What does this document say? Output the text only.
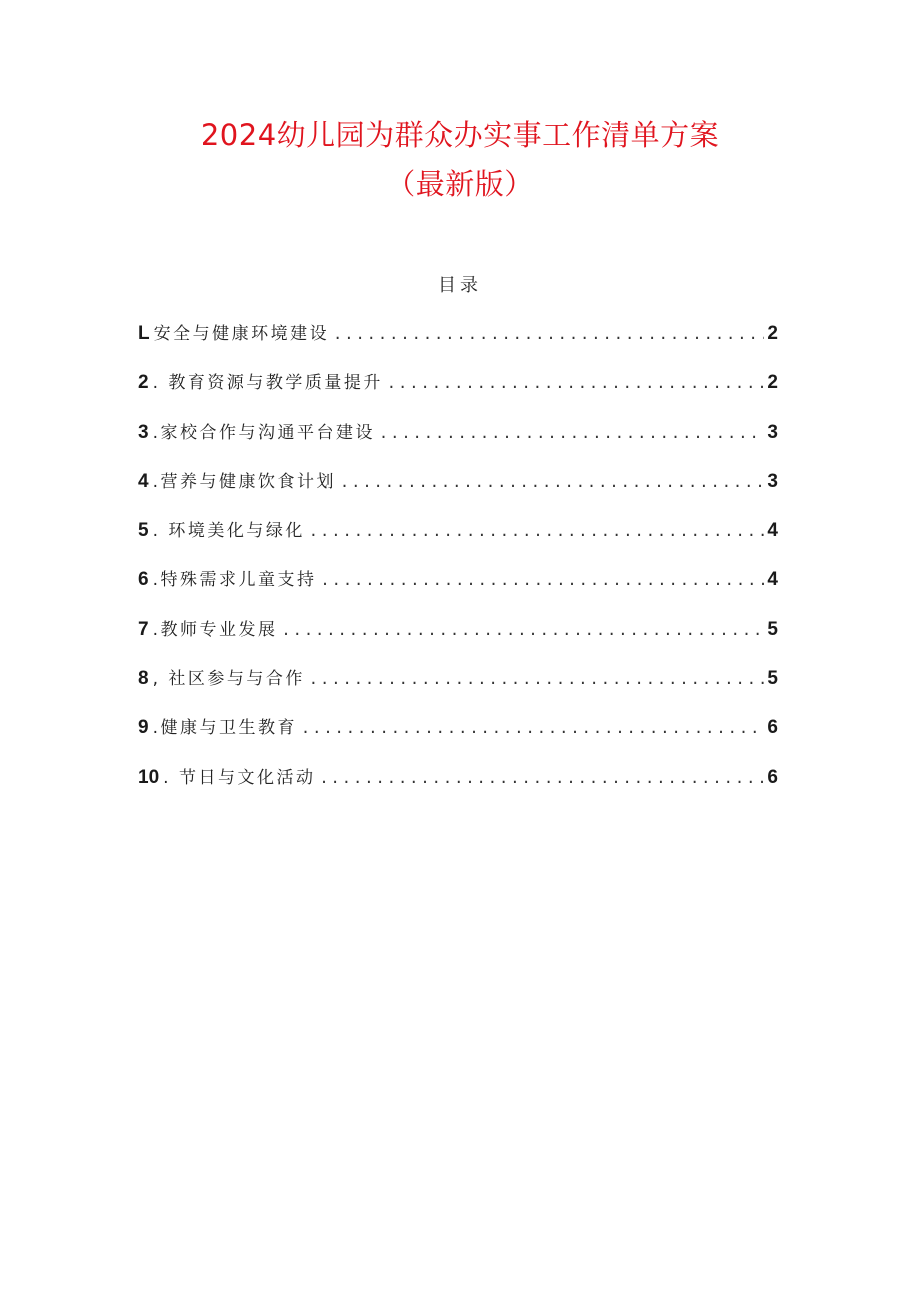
2024幼儿园为群众办实事工作清单方案
（最新版）
目录
L 安全与健康环境建设 .....	2
2 . 教育资源与教学质量提升 .....	2
3 .家校合作与沟通平台建设 .....	3
4 .营养与健康饮食计划 .....	3
5 . 环境美化与绿化 .....	4
6 .特殊需求儿童支持 .....	4
7 .教师专业发展 .....	5
8 , 社区参与与合作 .....	5
9 .健康与卫生教育 .....	6
10 . 节日与文化活动 .....	6
